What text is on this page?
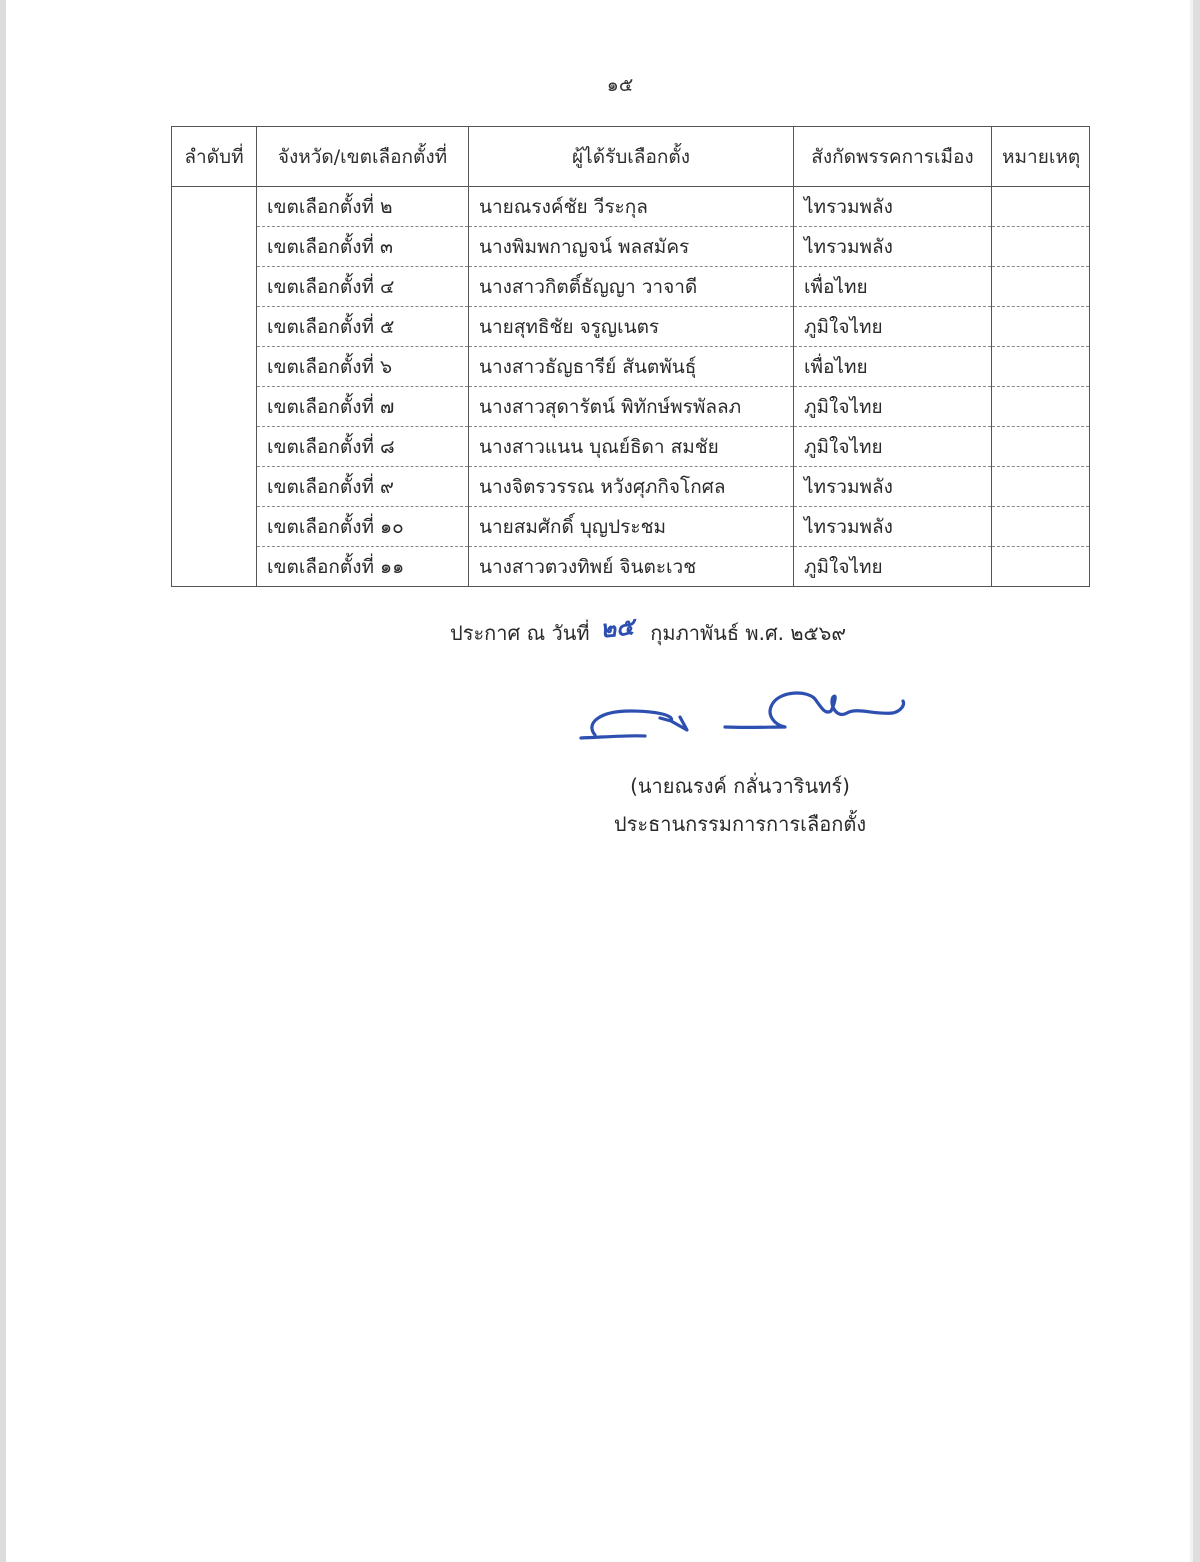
๑๕
ลำดับที่	จังหวัด/เขตเลือกตั้งที่	ผู้ได้รับเลือกตั้ง	สังกัดพรรคการเมือง	หมายเหตุ
	เขตเลือกตั้งที่ ๒	นายณรงค์ชัย วีระกุล	ไทรวมพลัง	
	เขตเลือกตั้งที่ ๓	นางพิมพกาญจน์ พลสมัคร	ไทรวมพลัง	
	เขตเลือกตั้งที่ ๔	นางสาวกิตติ์ธัญญา วาจาดี	เพื่อไทย	
	เขตเลือกตั้งที่ ๕	นายสุทธิชัย จรูญเนตร	ภูมิใจไทย	
	เขตเลือกตั้งที่ ๖	นางสาวธัญธารีย์ สันตพันธุ์	เพื่อไทย	
	เขตเลือกตั้งที่ ๗	นางสาวสุดารัตน์ พิทักษ์พรพัลลภ	ภูมิใจไทย	
	เขตเลือกตั้งที่ ๘	นางสาวแนน บุณย์ธิดา สมชัย	ภูมิใจไทย	
	เขตเลือกตั้งที่ ๙	นางจิตรวรรณ หวังศุภกิจโกศล	ไทรวมพลัง	
	เขตเลือกตั้งที่ ๑๐	นายสมศักดิ์ บุญประชม	ไทรวมพลัง	
	เขตเลือกตั้งที่ ๑๑	นางสาวตวงทิพย์ จินตะเวช	ภูมิใจไทย	
ประกาศ ณ วันที่ ๒๕ กุมภาพันธ์ พ.ศ. ๒๕๖๙
(นายณรงค์ กลั่นวารินทร์)
ประธานกรรมการการเลือกตั้ง
